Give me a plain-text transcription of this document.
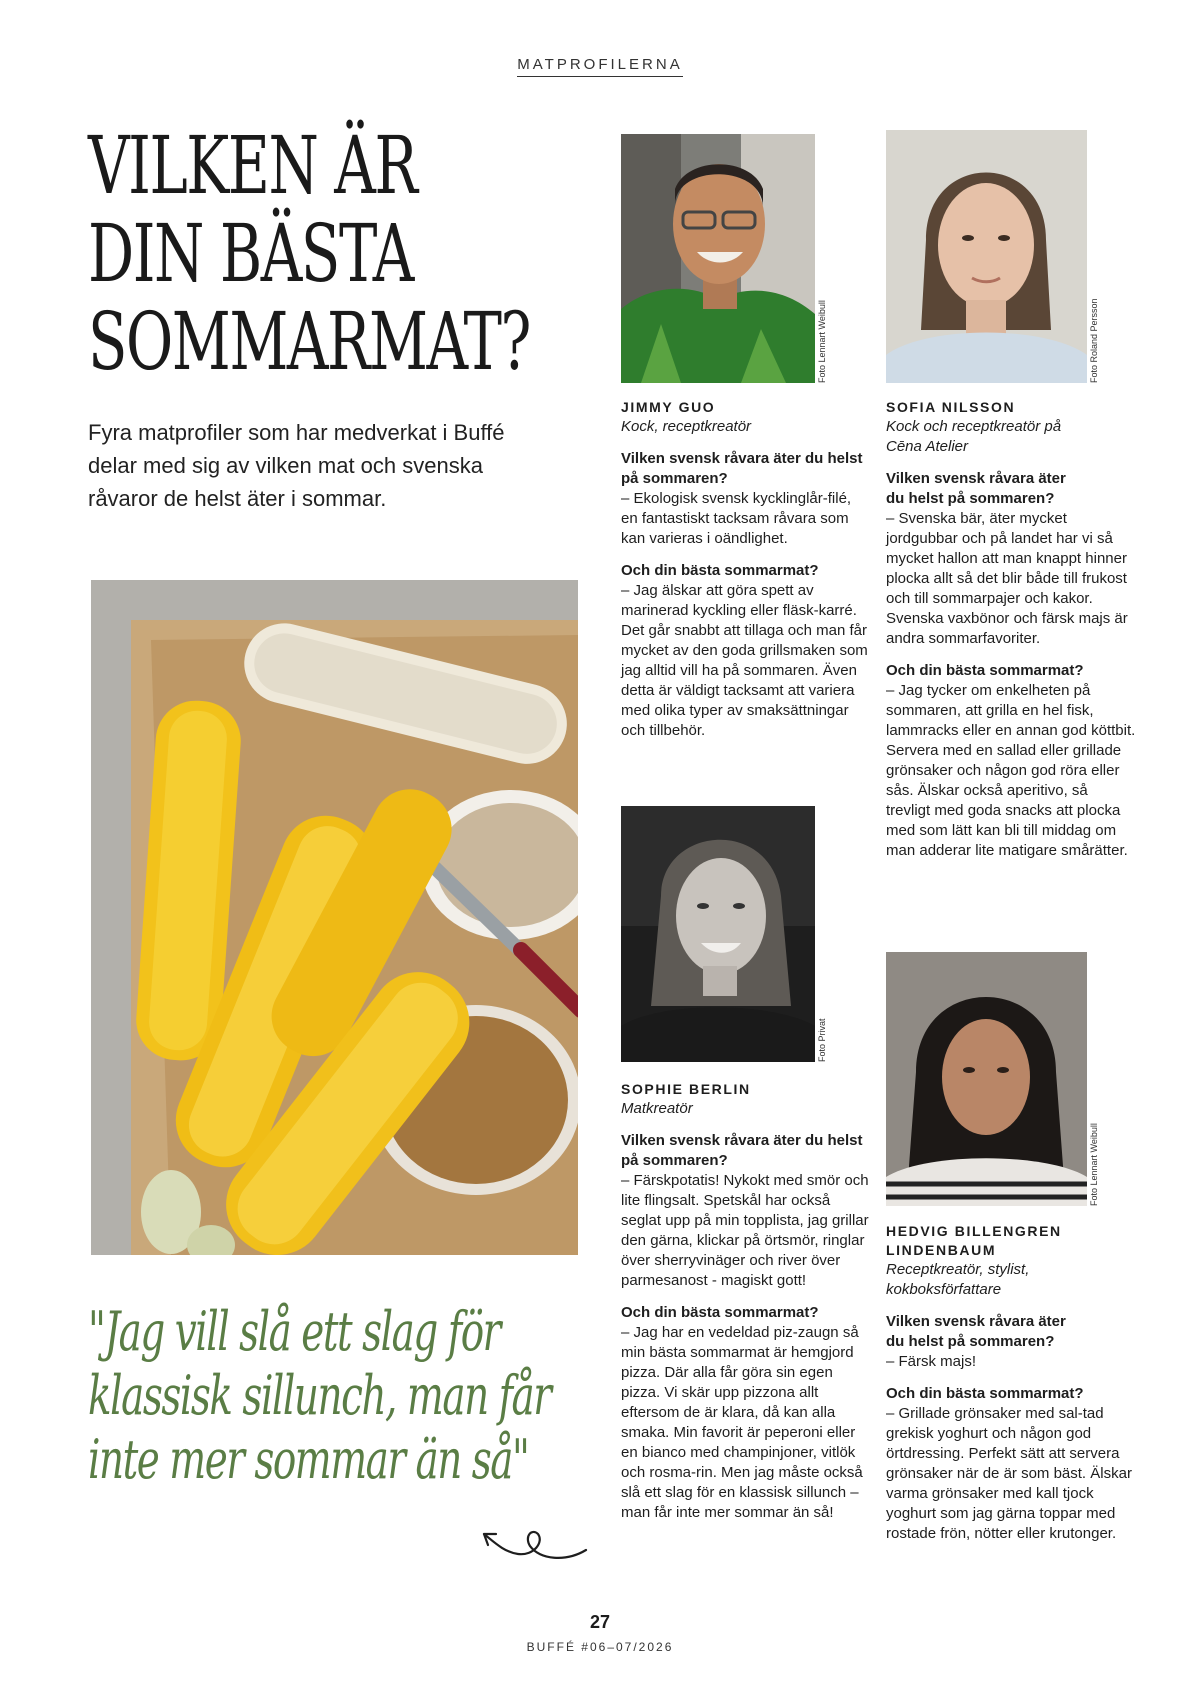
MATPROFILERNA
VILKEN ÄR
DIN BÄSTA
SOMMARMAT?

Fyra matprofiler som har medverkat i Buffé delar med sig av vilken mat och svenska råvaror de helst äter i sommar.

"Jag vill slå ett slag för
klassisk sillunch, man får
inte mer sommar än så"
Foto Lennart Weibull
JIMMY GUO
Kock, receptkreatör
Vilken svensk råvara äter du helst på sommaren?
– Ekologisk svensk kycklinglår-filé, en fantastiskt tacksam råvara som kan varieras i oändlighet.
Och din bästa sommarmat?
– Jag älskar att göra spett av marinerad kyckling eller fläsk-karré. Det går snabbt att tillaga och man får mycket av den goda grillsmaken som jag alltid vill ha på sommaren. Även detta är väldigt tacksamt att variera med olika typer av smaksättningar och tillbehör.
Foto Privat
SOPHIE BERLIN
Matkreatör
Vilken svensk råvara äter du helst på sommaren?
– Färskpotatis! Nykokt med smör och lite flingsalt. Spetskål har också seglat upp på min topplista, jag grillar den gärna, klickar på örtsmör, ringlar över sherryvinäger och river över parmesanost - magiskt gott!
Och din bästa sommarmat?
– Jag har en vedeldad piz-zaugn så min bästa sommarmat är hemgjord pizza. Där alla får göra sin egen pizza. Vi skär upp pizzona allt eftersom de är klara, då kan alla smaka. Min favorit är peperoni eller en bianco med champinjoner, vitlök och rosma-rin. Men jag måste också slå ett slag för en klassisk sillunch – man får inte mer sommar än så!
Foto Roland Persson
SOFIA NILSSON
Kock och receptkreatör på Cēna Atelier
Vilken svensk råvara äter du helst på sommaren?
– Svenska bär, äter mycket jordgubbar och på landet har vi så mycket hallon att man knappt hinner plocka allt så det blir både till frukost och till sommarpajer och kakor. Svenska vaxbönor och färsk majs är andra sommarfavoriter.
Och din bästa sommarmat?
– Jag tycker om enkelheten på sommaren, att grilla en hel fisk, lammracks eller en annan god köttbit. Servera med en sallad eller grillade grönsaker och någon god röra eller sås. Älskar också aperitivo, så trevligt med goda snacks att plocka med som lätt kan bli till middag om man adderar lite matigare smårätter.
Foto Lennart Weibull
HEDVIG BILLENGREN LINDENBAUM
Receptkreatör, stylist, kokboksförfattare
Vilken svensk råvara äter du helst på sommaren?
– Färsk majs!
Och din bästa sommarmat?
– Grillade grönsaker med sal-tad grekisk yoghurt och någon god örtdressing. Perfekt sätt att servera grönsaker när de är som bäst. Älskar varma grönsaker med kall tjock yoghurt som jag gärna toppar med rostade frön, nötter eller krutonger.
27
BUFFÉ #06–07/2026
